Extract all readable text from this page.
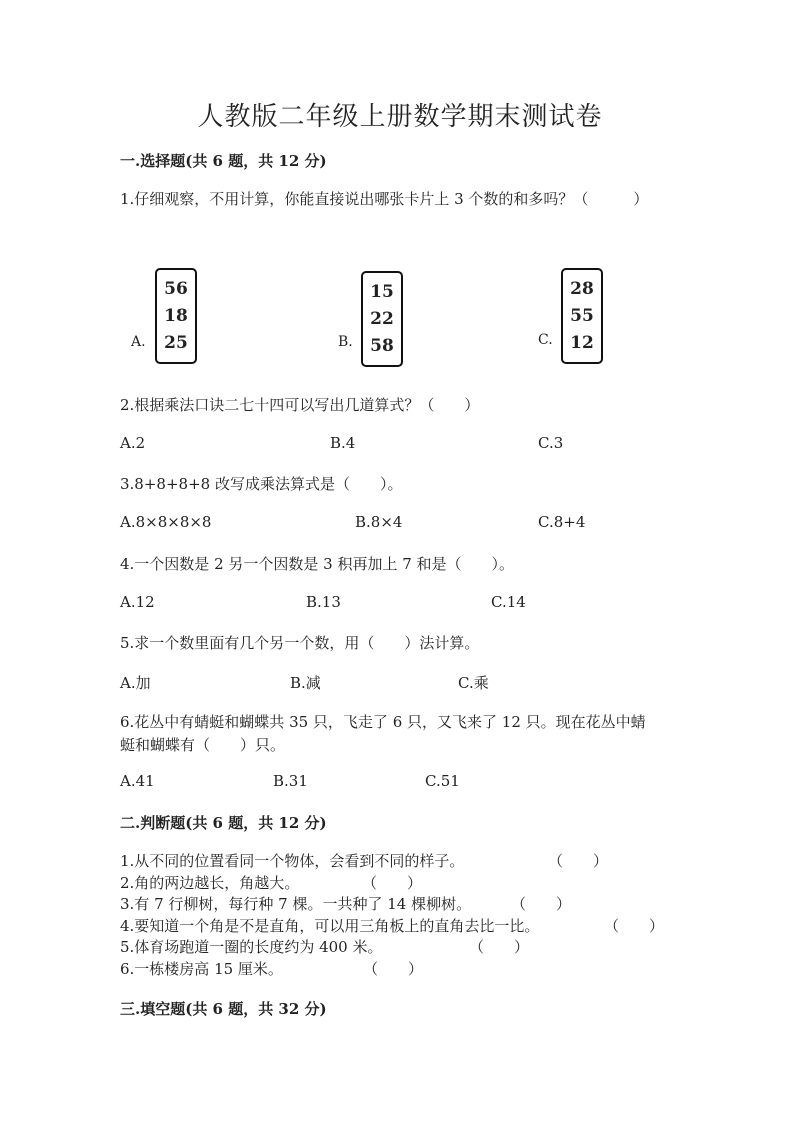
人教版二年级上册数学期末测试卷
一.选择题(共 6 题，共 12 分)
1.仔细观察，不用计算，你能直接说出哪张卡片上 3 个数的和多吗？（　　　）
A.
56
18
25	B.
15
22
58	C.
28
55
12
2.根据乘法口诀二七十四可以写出几道算式？（　　）
A.2	B.4	C.3
3.8+8+8+8 改写成乘法算式是（　　）。
A.8×8×8×8	B.8×4	C.8+4
4.一个因数是 2 另一个因数是 3 积再加上 7 和是（　　）。
A.12	B.13	C.14
5.求一个数里面有几个另一个数，用（　　）法计算。
A.加	B.减	C.乘
6.花丛中有蜻蜓和蝴蝶共 35 只，飞走了 6 只，又飞来了 12 只。现在花丛中蜻
蜓和蝴蝶有（　　）只。
A.41	B.31	C.51
二.判断题(共 6 题，共 12 分)
1.从不同的位置看同一个物体，会看到不同的样子。	（　　）
2.角的两边越长，角越大。	（　　）
3.有 7 行柳树，每行种 7 棵。一共种了 14 棵柳树。	（　　）
4.要知道一个角是不是直角，可以用三角板上的直角去比一比。	（　　）
5.体育场跑道一圈的长度约为 400 米。	（　　）
6.一栋楼房高 15 厘米。	（　　）
三.填空题(共 6 题，共 32 分)
